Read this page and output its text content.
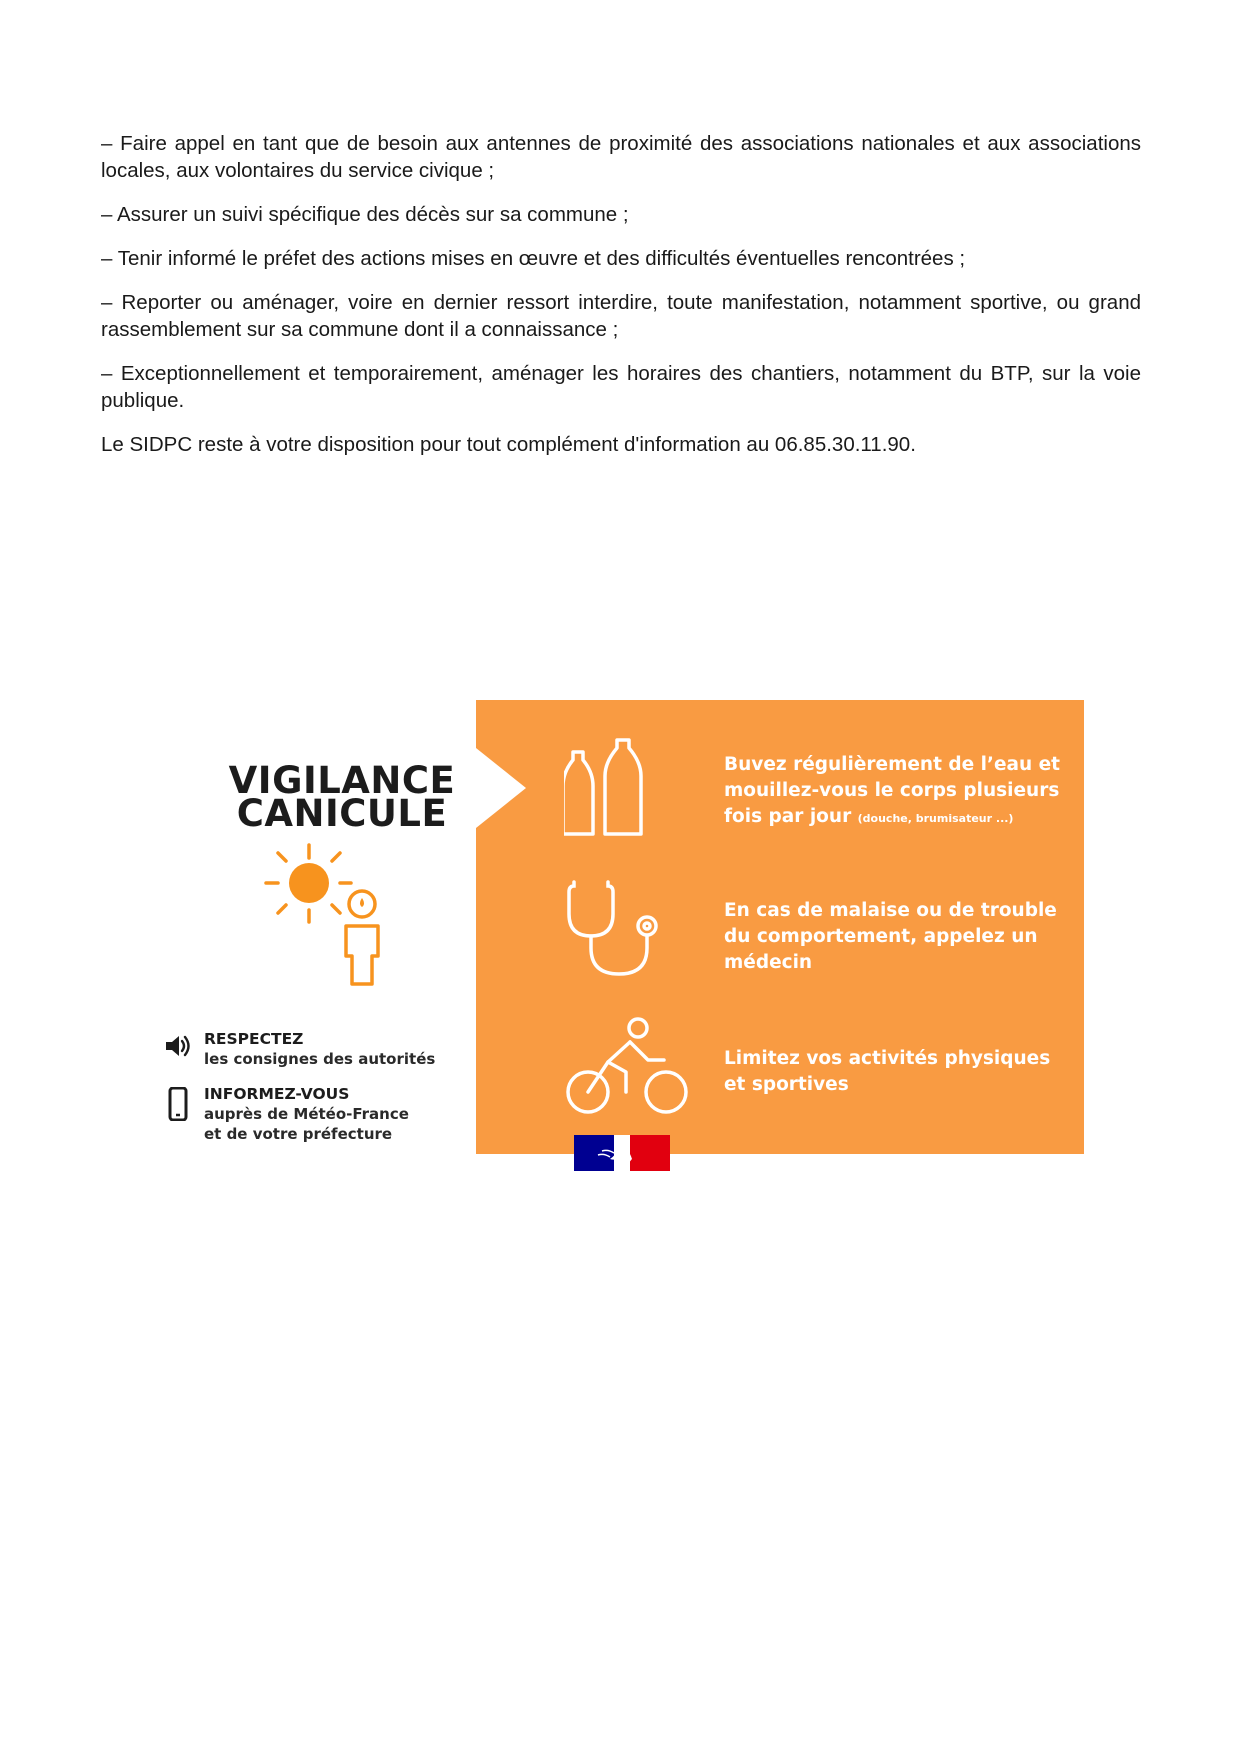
– Faire appel en tant que de besoin aux antennes de proximité des associations nationales et aux associations locales, aux volontaires du service civique ;

– Assurer un suivi spécifique des décès sur sa commune ;

– Tenir informé le préfet des actions mises en œuvre et des difficultés éventuelles rencontrées ;

– Reporter ou aménager, voire en dernier ressort interdire, toute manifestation, notamment sportive, ou grand rassemblement sur sa commune dont il a connaissance ;

– Exceptionnellement et temporairement, aménager les horaires des chantiers, notamment du BTP, sur la voie publique.

Le SIDPC reste à votre disposition pour tout complément d'information au 06.85.30.11.90.

VIGILANCE
CANICULE
RESPECTEZ
les consignes des autorités
INFORMEZ-VOUS
auprès de Météo-France
et de votre préfecture
Buvez régulièrement de l’eau et
mouillez-vous le corps plusieurs
fois par jour (douche, brumisateur ...)
En cas de malaise ou de trouble
du comportement, appelez un
médecin
Limitez vos activités physiques
et sportives
